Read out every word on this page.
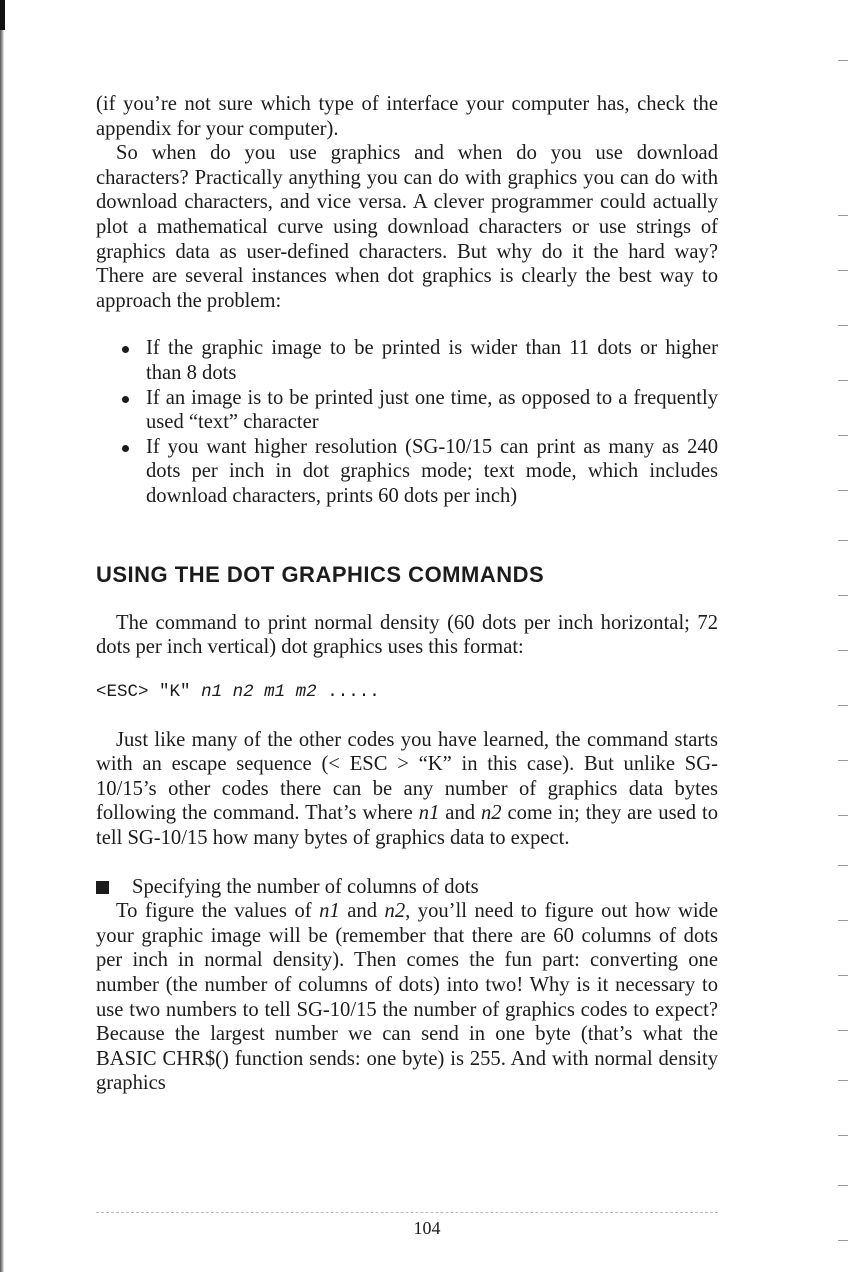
(if you’re not sure which type of interface your computer has, check the appendix for your computer).

So when do you use graphics and when do you use download characters? Practically anything you can do with graphics you can do with download characters, and vice versa. A clever programmer could actually plot a mathematical curve using download characters or use strings of graphics data as user-defined characters. But why do it the hard way? There are several instances when dot graphics is clearly the best way to approach the problem:

If the graphic image to be printed is wider than 11 dots or higher than 8 dots
If an image is to be printed just one time, as opposed to a frequently used “text” character
If you want higher resolution (SG-10/15 can print as many as 240 dots per inch in dot graphics mode; text mode, which includes download characters, prints 60 dots per inch)
USING THE DOT GRAPHICS COMMANDS

The command to print normal density (60 dots per inch horizontal; 72 dots per inch vertical) dot graphics uses this format:

<ESC> "K" n1 n2 m1 m2 .....

Just like many of the other codes you have learned, the command starts with an escape sequence (< ESC > “K” in this case). But unlike SG-10/15’s other codes there can be any number of graphics data bytes following the command. That’s where n1 and n2 come in; they are used to tell SG-10/15 how many bytes of graphics data to expect.

Specifying the number of columns of dots

To figure the values of n1 and n2, you’ll need to figure out how wide your graphic image will be (remember that there are 60 columns of dots per inch in normal density). Then comes the fun part: converting one number (the number of columns of dots) into two! Why is it necessary to use two numbers to tell SG-10/15 the number of graphics codes to expect? Because the largest number we can send in one byte (that’s what the BASIC CHR$() function sends: one byte) is 255. And with normal density graphics

104
